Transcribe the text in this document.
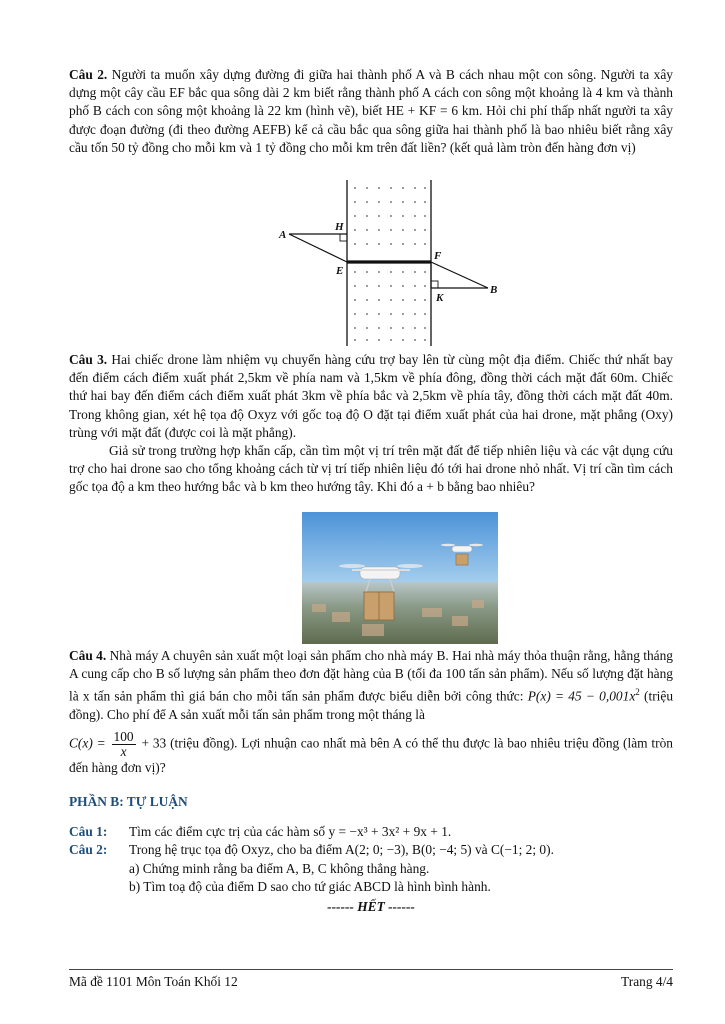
Câu 2. Người ta muốn xây dựng đường đi giữa hai thành phố A và B cách nhau một con sông. Người ta xây dựng một cây cầu EF bắc qua sông dài 2 km biết rằng thành phố A cách con sông một khoảng là 4 km và thành phố B cách con sông một khoảng là 22 km (hình vẽ), biết HE + KF = 6 km. Hỏi chi phí thấp nhất người ta xây được đoạn đường (đi theo đường AEFB) kể cả cầu bắc qua sông giữa hai thành phố là bao nhiêu biết rằng xây cầu tốn 50 tỷ đồng cho mỗi km và 1 tỷ đồng cho mỗi km trên đất liền? (kết quả làm tròn đến hàng đơn vị)

A
H
E
F
K
B

Câu 3. Hai chiếc drone làm nhiệm vụ chuyển hàng cứu trợ bay lên từ cùng một địa điểm. Chiếc thứ nhất bay đến điểm cách điểm xuất phát 2,5km về phía nam và 1,5km về phía đông, đồng thời cách mặt đất 60m. Chiếc thứ hai bay đến điểm cách điểm xuất phát 3km về phía bắc và 2,5km về phía tây, đồng thời cách mặt đất 40m. Trong không gian, xét hệ tọa độ Oxyz với gốc toạ độ O đặt tại điểm xuất phát của hai drone, mặt phẳng (Oxy) trùng với mặt đất (được coi là mặt phẳng).

Giả sử trong trường hợp khẩn cấp, cần tìm một vị trí trên mặt đất để tiếp nhiên liệu và các vật dụng cứu trợ cho hai drone sao cho tổng khoảng cách từ vị trí tiếp nhiên liệu đó tới hai drone nhỏ nhất. Vị trí cần tìm cách gốc tọa độ a km theo hướng bắc và b km theo hướng tây. Khi đó a + b bằng bao nhiêu?

Câu 4. Nhà máy A chuyên sản xuất một loại sản phẩm cho nhà máy B. Hai nhà máy thỏa thuận rằng, hằng tháng A cung cấp cho B số lượng sản phẩm theo đơn đặt hàng của B (tối đa 100 tấn sản phẩm). Nếu số lượng đặt hàng là x tấn sản phẩm thì giá bán cho mỗi tấn sản phẩm được biểu diễn bởi công thức: $P(x) = 45 - 0,001x^2$ (triệu đồng). Cho phí để A sản xuất mỗi tấn sản phẩm trong một tháng là

$C(x) = \frac{100}{x} + 33$ (triệu đồng). Lợi nhuận cao nhất mà bên A có thể thu được là bao nhiêu triệu đồng (làm tròn đến hàng đơn vị)?

PHẦN B: TỰ LUẬN

Câu 1:	Tìm các điểm cực trị của các hàm số y = −x³ + 3x² + 9x + 1.
Câu 2:	Trong hệ trục tọa độ Oxyz, cho ba điểm A(2; 0; −3), B(0; −4; 5) và C(−1; 2; 0).

a) Chứng minh rằng ba điểm A, B, C không thẳng hàng.

b) Tìm toạ độ của điểm D sao cho tứ giác ABCD là hình bình hành.

------ HẾT ------

Mã đề 1101 Môn Toán Khối 12	Trang 4/4
